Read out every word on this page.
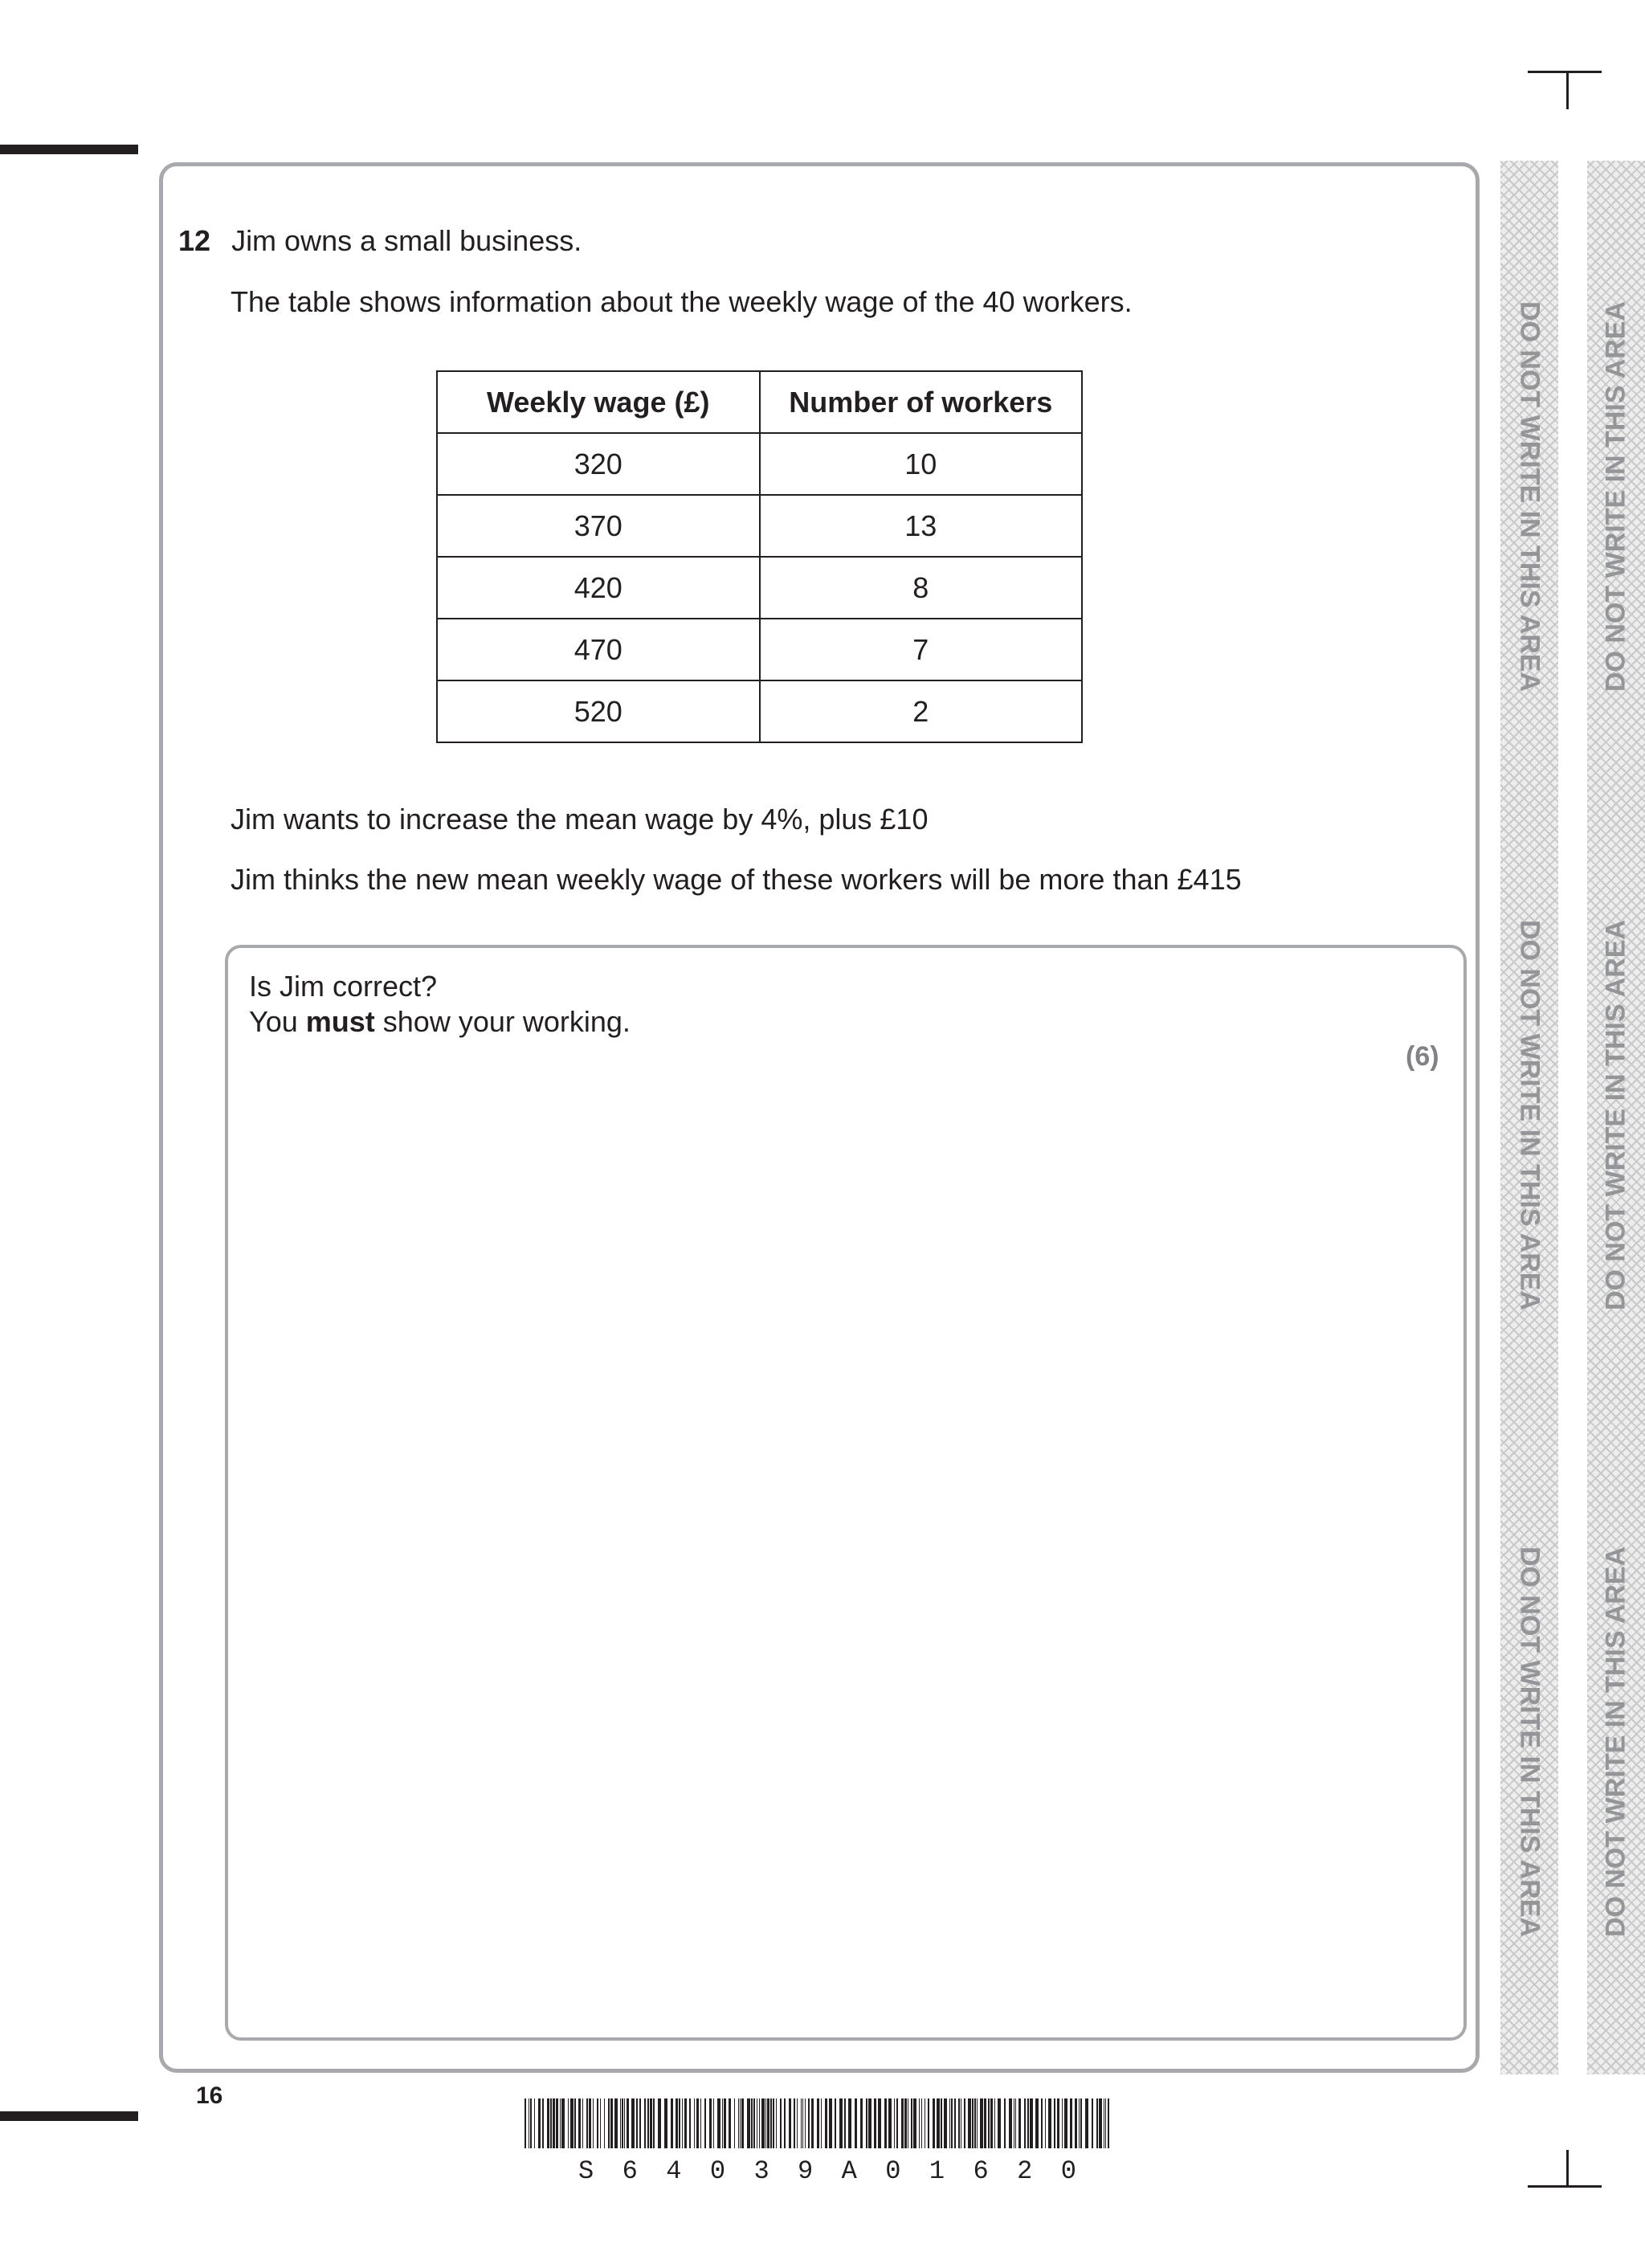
12 Jim owns a small business.
The table shows information about the weekly wage of the 40 workers.
Weekly wage (£)	Number of workers
320	10
370	13
420	8
470	7
520	2
Jim wants to increase the mean wage by 4%, plus £10
Jim thinks the new mean weekly wage of these workers will be more than £415
Is Jim correct?
You must show your working.
(6)
DO NOT WRITE IN THIS AREA
DO NOT WRITE IN THIS AREA
DO NOT WRITE IN THIS AREA
DO NOT WRITE IN THIS AREA
DO NOT WRITE IN THIS AREA
DO NOT WRITE IN THIS AREA
16
S 6 4 0 3 9 A 0 1 6 2 0
